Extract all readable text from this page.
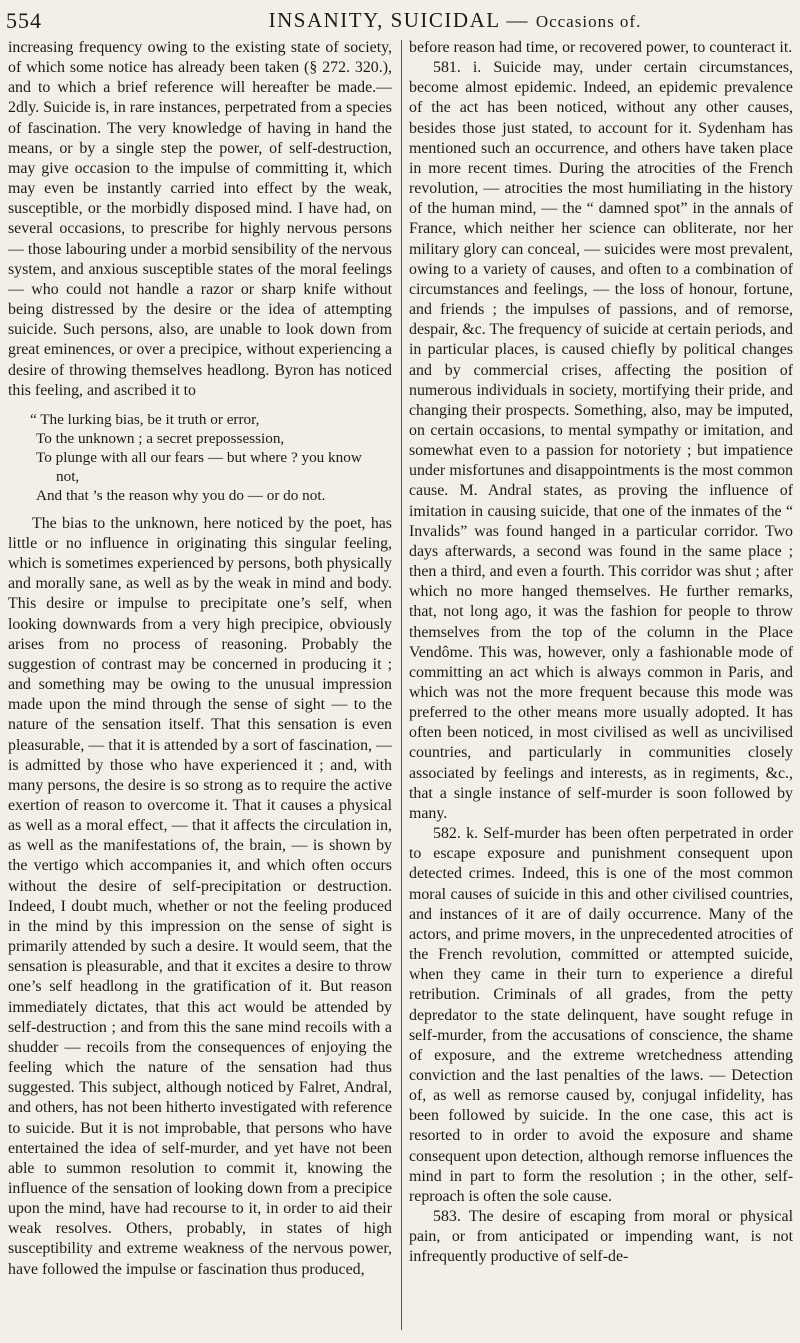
554	INSANITY, SUICIDAL — Occasions of.

increasing frequency owing to the existing state of society, of which some notice has already been taken (§ 272. 320.), and to which a brief reference will hereafter be made.—2dly. Suicide is, in rare instances, perpetrated from a species of fascination. The very knowledge of having in hand the means, or by a single step the power, of self-destruction, may give occasion to the impulse of committing it, which may even be instantly carried into effect by the weak, susceptible, or the morbidly disposed mind. I have had, on several occasions, to prescribe for highly nervous persons — those labouring under a morbid sensibility of the nervous system, and anxious susceptible states of the moral feelings — who could not handle a razor or sharp knife without being distressed by the desire or the idea of attempting suicide. Such persons, also, are unable to look down from great eminences, or over a precipice, without experiencing a desire of throwing themselves headlong. Byron has noticed this feeling, and ascribed it to

“ The lurking bias, be it truth or error,
To the unknown ; a secret prepossession,
To plunge with all our fears — but where ? you know
not,
And that ’s the reason why you do — or do not.

The bias to the unknown, here noticed by the poet, has little or no influence in originating this singular feeling, which is sometimes experienced by persons, both physically and morally sane, as well as by the weak in mind and body. This desire or impulse to precipitate one’s self, when looking downwards from a very high precipice, obviously arises from no process of reasoning. Probably the suggestion of contrast may be concerned in producing it ; and something may be owing to the unusual impression made upon the mind through the sense of sight — to the nature of the sensation itself. That this sensation is even pleasurable, — that it is attended by a sort of fascination, — is admitted by those who have experienced it ; and, with many persons, the desire is so strong as to require the active exertion of reason to overcome it. That it causes a physical as well as a moral effect, — that it affects the circulation in, as well as the manifestations of, the brain, — is shown by the vertigo which accompanies it, and which often occurs without the desire of self-precipitation or destruction. Indeed, I doubt much, whether or not the feeling produced in the mind by this impression on the sense of sight is primarily attended by such a desire. It would seem, that the sensation is pleasurable, and that it excites a desire to throw one’s self headlong in the gratification of it. But reason immediately dictates, that this act would be attended by self-destruction ; and from this the sane mind recoils with a shudder — recoils from the consequences of enjoying the feeling which the nature of the sensation had thus suggested. This subject, although noticed by Falret, Andral, and others, has not been hitherto investigated with reference to suicide. But it is not improbable, that persons who have entertained the idea of self-murder, and yet have not been able to summon resolution to commit it, knowing the influence of the sensation of looking down from a precipice upon the mind, have had recourse to it, in order to aid their weak resolves. Others, probably, in states of high susceptibility and extreme weakness of the nervous power, have followed the impulse or fascination thus produced,

before reason had time, or recovered power, to counteract it.

581. i. Suicide may, under certain circumstances, become almost epidemic. Indeed, an epidemic prevalence of the act has been noticed, without any other causes, besides those just stated, to account for it. Sydenham has mentioned such an occurrence, and others have taken place in more recent times. During the atrocities of the French revolution, — atrocities the most humiliating in the history of the human mind, — the “ damned spot” in the annals of France, which neither her science can obliterate, nor her military glory can conceal, — suicides were most prevalent, owing to a variety of causes, and often to a combination of circumstances and feelings, — the loss of honour, fortune, and friends ; the impulses of passions, and of remorse, despair, &c. The frequency of suicide at certain periods, and in particular places, is caused chiefly by political changes and by commercial crises, affecting the position of numerous individuals in society, mortifying their pride, and changing their prospects. Something, also, may be imputed, on certain occasions, to mental sympathy or imitation, and somewhat even to a passion for notoriety ; but impatience under misfortunes and disappointments is the most common cause. M. Andral states, as proving the influence of imitation in causing suicide, that one of the inmates of the “ Invalids” was found hanged in a particular corridor. Two days afterwards, a second was found in the same place ; then a third, and even a fourth. This corridor was shut ; after which no more hanged themselves. He further remarks, that, not long ago, it was the fashion for people to throw themselves from the top of the column in the Place Vendôme. This was, however, only a fashionable mode of committing an act which is always common in Paris, and which was not the more frequent because this mode was preferred to the other means more usually adopted. It has often been noticed, in most civilised as well as uncivilised countries, and particularly in communities closely associated by feelings and interests, as in regiments, &c., that a single instance of self-murder is soon followed by many.

582. k. Self-murder has been often perpetrated in order to escape exposure and punishment consequent upon detected crimes. Indeed, this is one of the most common moral causes of suicide in this and other civilised countries, and instances of it are of daily occurrence. Many of the actors, and prime movers, in the unprecedented atrocities of the French revolution, committed or attempted suicide, when they came in their turn to experience a direful retribution. Criminals of all grades, from the petty depredator to the state delinquent, have sought refuge in self-murder, from the accusations of conscience, the shame of exposure, and the extreme wretchedness attending conviction and the last penalties of the laws. — Detection of, as well as remorse caused by, conjugal infidelity, has been followed by suicide. In the one case, this act is resorted to in order to avoid the exposure and shame consequent upon detection, although remorse influences the mind in part to form the resolution ; in the other, self-reproach is often the sole cause.

583. The desire of escaping from moral or physical pain, or from anticipated or impending want, is not infrequently productive of self-de-
